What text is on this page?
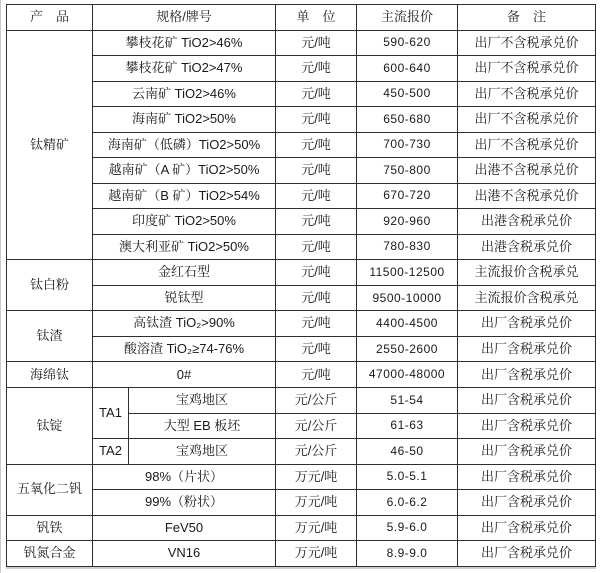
产　品	规格/牌号		单　位	主流报价	备　注
钛精矿	攀枝花矿 TiO2>46%		元/吨	590-620	出厂不含税承兑价
	攀枝花矿 TiO2>47%		元/吨	600-640	出厂不含税承兑价
	云南矿 TiO2>46%		元/吨	450-500	出厂不含税承兑价
	海南矿 TiO2>50%		元/吨	650-680	出厂不含税承兑价
	海南矿（低磷）TiO2>50%		元/吨	700-730	出厂不含税承兑价
	越南矿（A 矿）TiO2>50%		元/吨	750-800	出港不含税承兑价
	越南矿（B 矿）TiO2>54%		元/吨	670-720	出港不含税承兑价
	印度矿 TiO2>50%		元/吨	920-960	出港含税承兑价
	澳大利亚矿 TiO2>50%		元/吨	780-830	出港含税承兑价
钛白粉	金红石型		元/吨	11500-12500	主流报价含税承兑
	锐钛型		元/吨	9500-10000	主流报价含税承兑
钛渣	高钛渣 TiO₂>90%		元/吨	4400-4500	出厂含税承兑价
	酸溶渣 TiO₂≥74-76%		元/吨	2550-2600	出厂含税承兑价
海绵钛	0#		元/吨	47000-48000	出厂含税承兑价
钛锭	TA1	宝鸡地区	元/公斤	51-54	出厂含税承兑价
		大型 EB 板坯	元/公斤	61-63	出厂含税承兑价
	TA2	宝鸡地区	元/公斤	46-50	出厂含税承兑价
五氧化二钒	98%（片状）		万元/吨	5.0-5.1	出厂含税承兑价
	99%（粉状）		万元/吨	6.0-6.2	出厂含税承兑价
钒铁	FeV50		万元/吨	5.9-6.0	出厂含税承兑价
钒氮合金	VN16		万元/吨	8.9-9.0	出厂含税承兑价
